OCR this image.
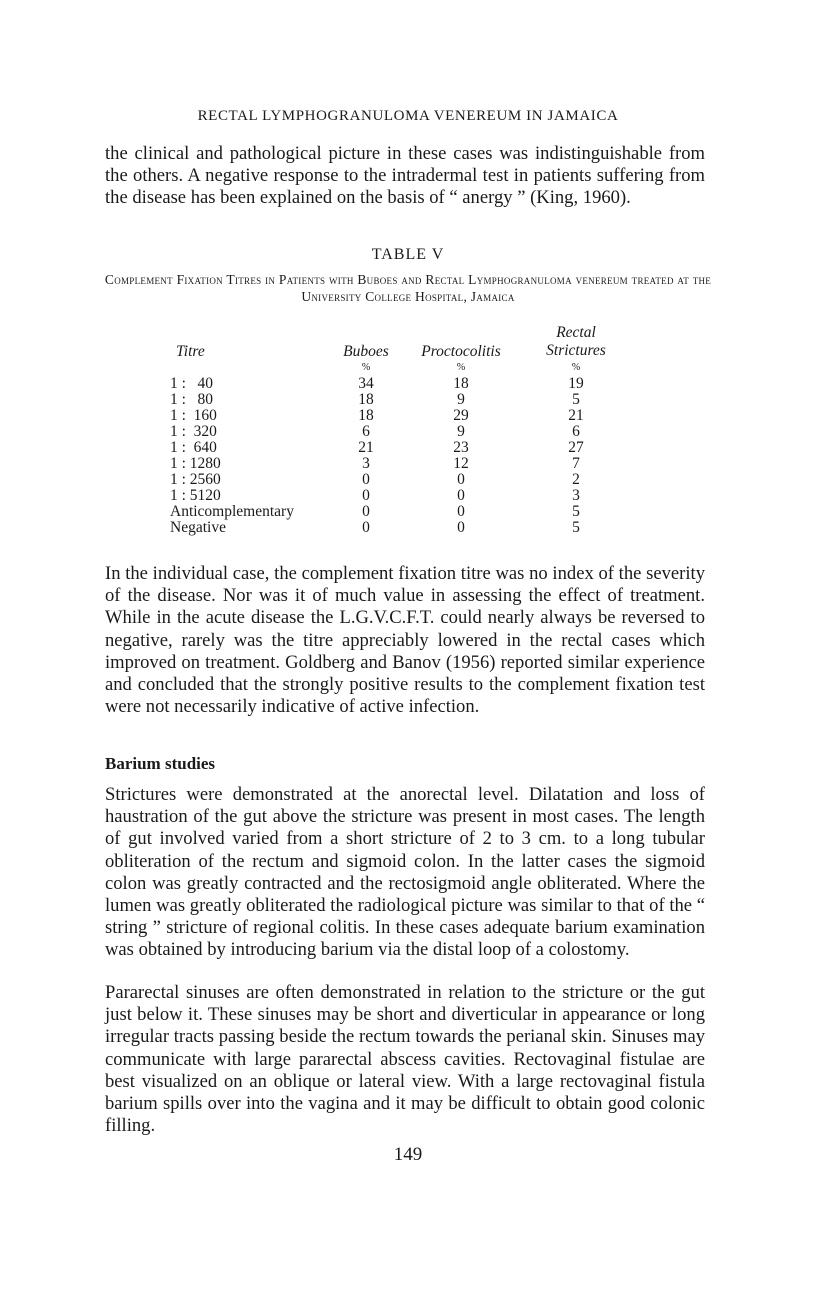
RECTAL LYMPHOGRANULOMA VENEREUM IN JAMAICA

the clinical and pathological picture in these cases was indistinguishable from the others. A negative response to the intradermal test in patients suffering from the disease has been explained on the basis of “ anergy ” (King, 1960).

TABLE V
Complement Fixation Titres in Patients with Buboes and Rectal Lymphogranuloma venereum treated at the University College Hospital, Jamaica
Titre	Buboes	Proctocolitis	Rectal Strictures
	%	%	%
1 :   40	34	18	19
1 :   80	18	9	5
1 :  160	18	29	21
1 :  320	6	9	6
1 :  640	21	23	27
1 : 1280	3	12	7
1 : 2560	0	0	2
1 : 5120	0	0	3
Anticomplementary	0	0	5
Negative	0	0	5

In the individual case, the complement fixation titre was no index of the severity of the disease. Nor was it of much value in assessing the effect of treatment. While in the acute disease the L.G.V.C.F.T. could nearly always be reversed to negative, rarely was the titre appreciably lowered in the rectal cases which improved on treatment. Goldberg and Banov (1956) reported similar experience and concluded that the strongly positive results to the complement fixation test were not necessarily indicative of active infection.

Barium studies

Strictures were demonstrated at the anorectal level. Dilatation and loss of haustration of the gut above the stricture was present in most cases. The length of gut involved varied from a short stricture of 2 to 3 cm. to a long tubular obliteration of the rectum and sigmoid colon. In the latter cases the sigmoid colon was greatly contracted and the rectosigmoid angle obliterated. Where the lumen was greatly obliterated the radiological picture was similar to that of the “ string ” stricture of regional colitis. In these cases adequate barium examination was obtained by introducing barium via the distal loop of a colostomy.

Pararectal sinuses are often demonstrated in relation to the stricture or the gut just below it. These sinuses may be short and diverticular in appearance or long irregular tracts passing beside the rectum towards the perianal skin. Sinuses may communicate with large pararectal abscess cavities. Rectovaginal fistulae are best visualized on an oblique or lateral view. With a large rectovaginal fistula barium spills over into the vagina and it may be difficult to obtain good colonic filling.

149
